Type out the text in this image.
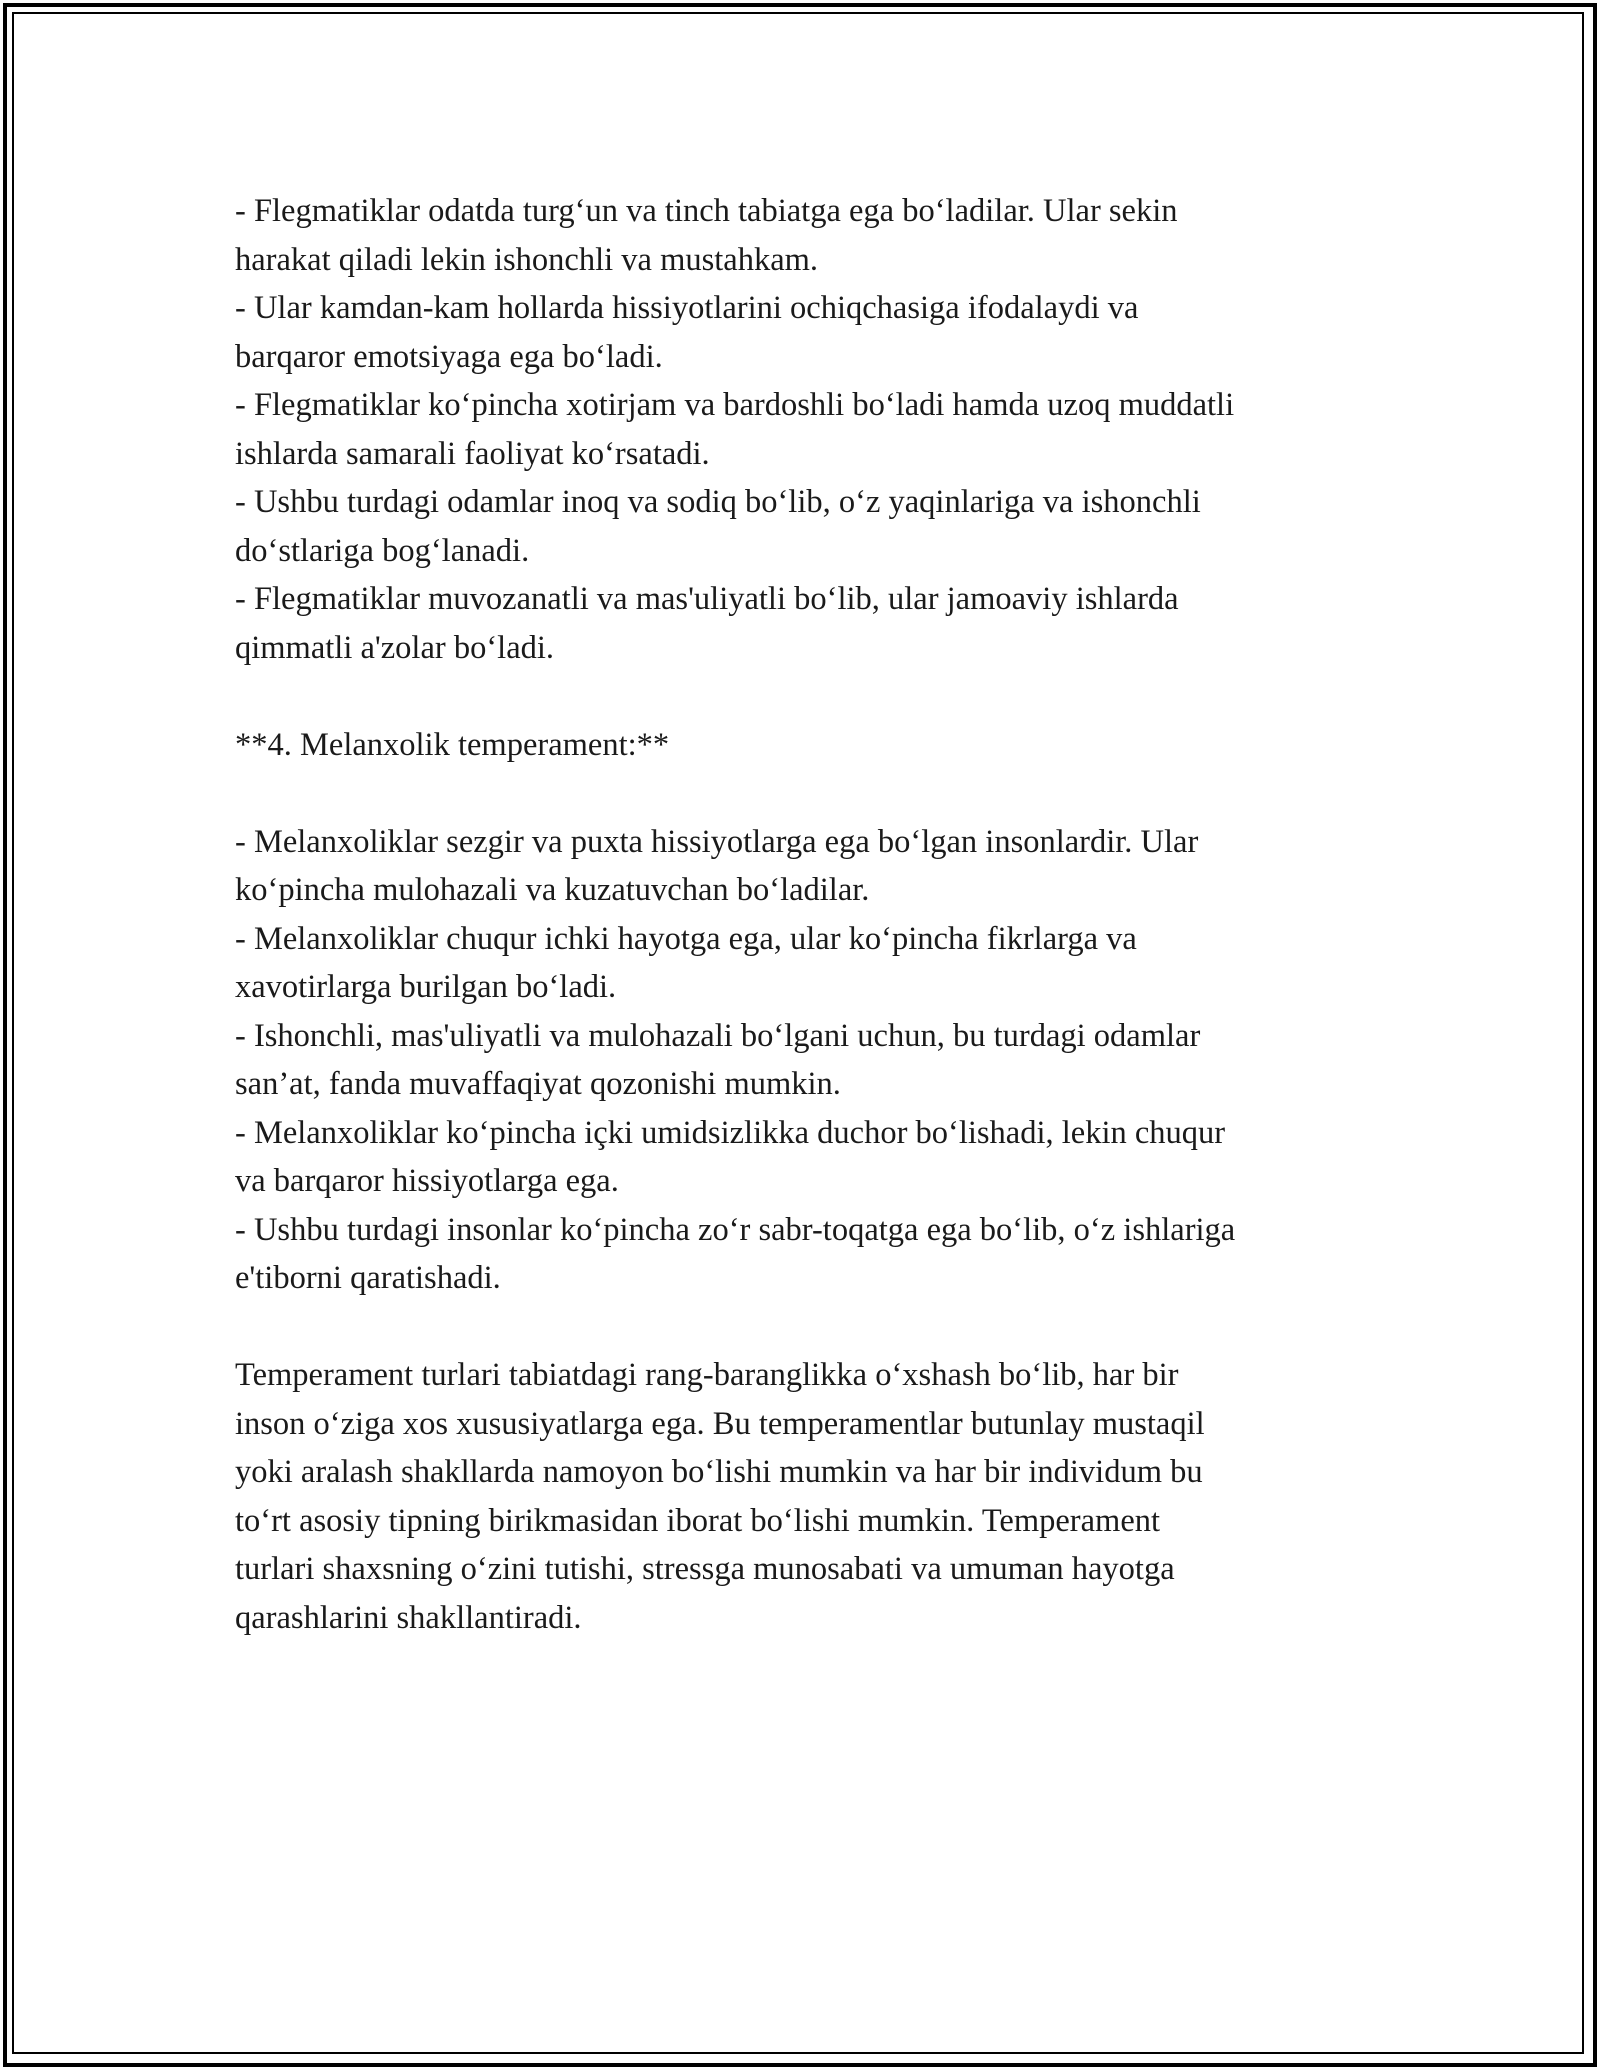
- Flegmatiklar odatda turg‘un va tinch tabiatga ega bo‘ladilar. Ular sekin
harakat qiladi lekin ishonchli va mustahkam.
- Ular kamdan-kam hollarda hissiyotlarini ochiqchasiga ifodalaydi va
barqaror emotsiyaga ega bo‘ladi.
- Flegmatiklar ko‘pincha xotirjam va bardoshli bo‘ladi hamda uzoq muddatli
ishlarda samarali faoliyat ko‘rsatadi.
- Ushbu turdagi odamlar inoq va sodiq bo‘lib, o‘z yaqinlariga va ishonchli
do‘stlariga bog‘lanadi.
- Flegmatiklar muvozanatli va mas'uliyatli bo‘lib, ular jamoaviy ishlarda
qimmatli a'zolar bo‘ladi.

**4. Melanxolik temperament:**

- Melanxoliklar sezgir va puxta hissiyotlarga ega bo‘lgan insonlardir. Ular
ko‘pincha mulohazali va kuzatuvchan bo‘ladilar.
- Melanxoliklar chuqur ichki hayotga ega, ular ko‘pincha fikrlarga va
xavotirlarga burilgan bo‘ladi.
- Ishonchli, mas'uliyatli va mulohazali bo‘lgani uchun, bu turdagi odamlar
san’at, fanda muvaffaqiyat qozonishi mumkin.
- Melanxoliklar ko‘pincha içki umidsizlikka duchor bo‘lishadi, lekin chuqur
va barqaror hissiyotlarga ega.
- Ushbu turdagi insonlar ko‘pincha zo‘r sabr-toqatga ega bo‘lib, o‘z ishlariga
e'tiborni qaratishadi.

Temperament turlari tabiatdagi rang-baranglikka o‘xshash bo‘lib, har bir
inson o‘ziga xos xususiyatlarga ega. Bu temperamentlar butunlay mustaqil
yoki aralash shakllarda namoyon bo‘lishi mumkin va har bir individum bu
to‘rt asosiy tipning birikmasidan iborat bo‘lishi mumkin. Temperament
turlari shaxsning o‘zini tutishi, stressga munosabati va umuman hayotga
qarashlarini shakllantiradi.
